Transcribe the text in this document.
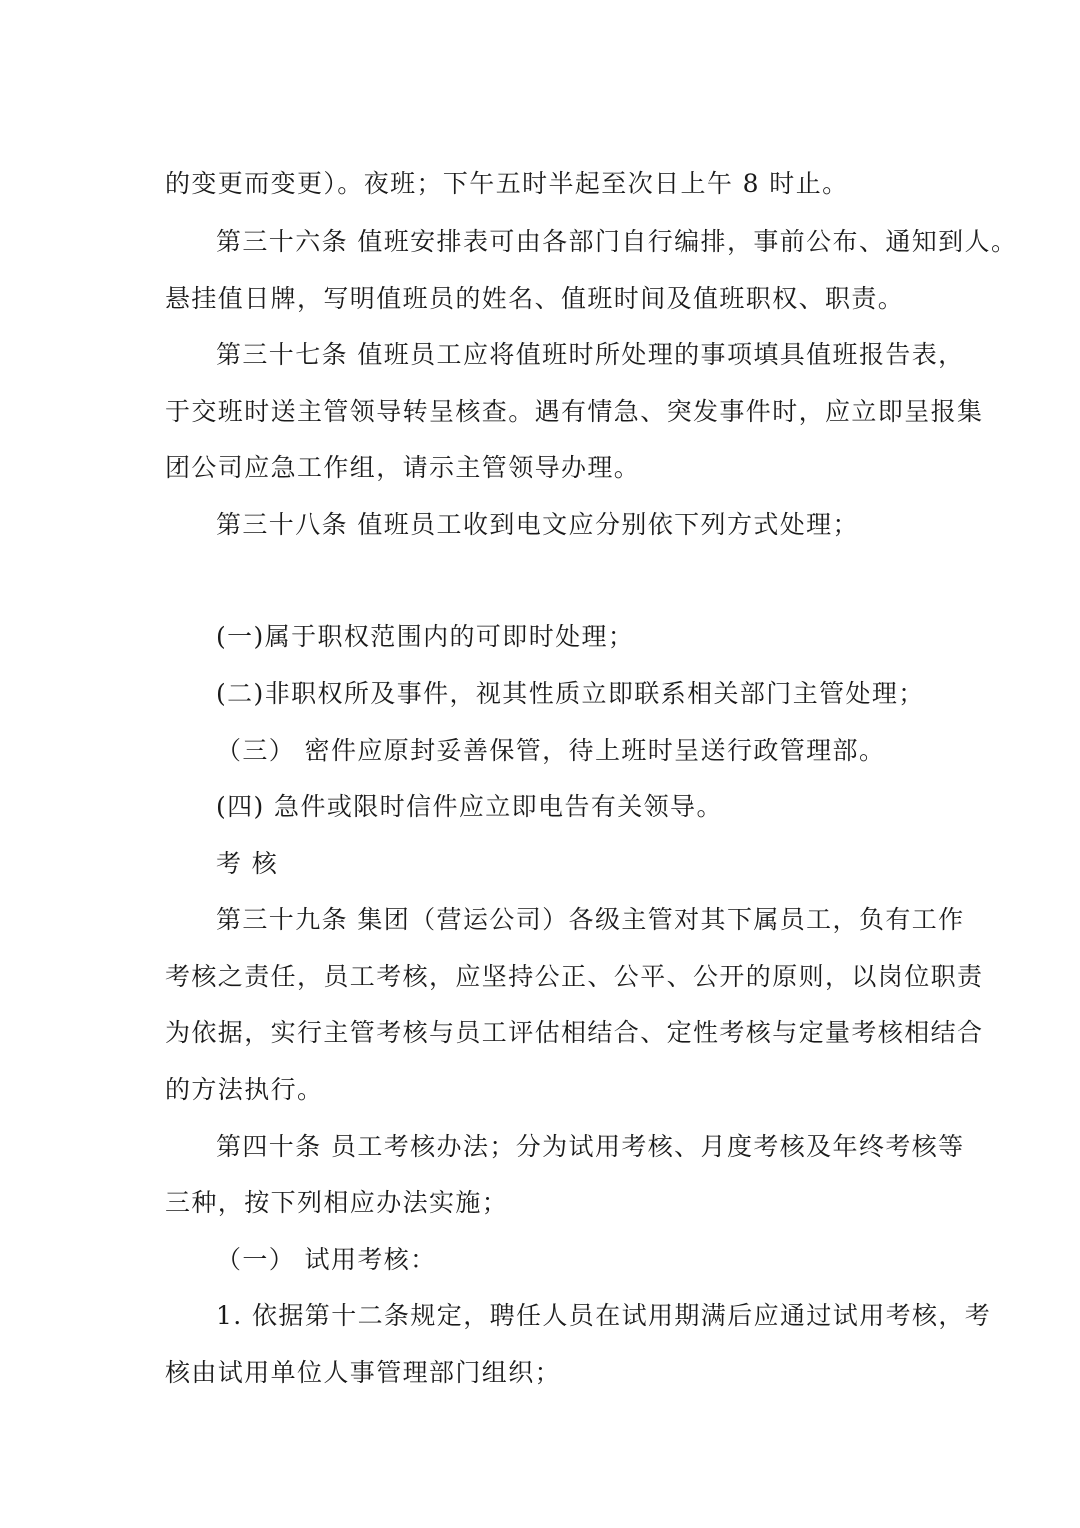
的变更而变更）。夜班；下午五时半起至次日上午 8 时止。
第三十六条 值班安排表可由各部门自行编排，事前公布、通知到人。
悬挂值日牌，写明值班员的姓名、值班时间及值班职权、职责。
第三十七条 值班员工应将值班时所处理的事项填具值班报告表，
于交班时送主管领导转呈核查。遇有情急、突发事件时，应立即呈报集
团公司应急工作组，请示主管领导办理。
第三十八条 值班员工收到电文应分别依下列方式处理；
(一)属于职权范围内的可即时处理；
(二)非职权所及事件，视其性质立即联系相关部门主管处理；
（三） 密件应原封妥善保管，待上班时呈送行政管理部。
(四) 急件或限时信件应立即电告有关领导。
考 核
第三十九条 集团（营运公司）各级主管对其下属员工，负有工作
考核之责任，员工考核，应坚持公正、公平、公开的原则，以岗位职责
为依据，实行主管考核与员工评估相结合、定性考核与定量考核相结合
的方法执行。
第四十条 员工考核办法；分为试用考核、月度考核及年终考核等
三种，按下列相应办法实施；
（一） 试用考核：
1. 依据第十二条规定，聘任人员在试用期满后应通过试用考核，考
核由试用单位人事管理部门组织；
